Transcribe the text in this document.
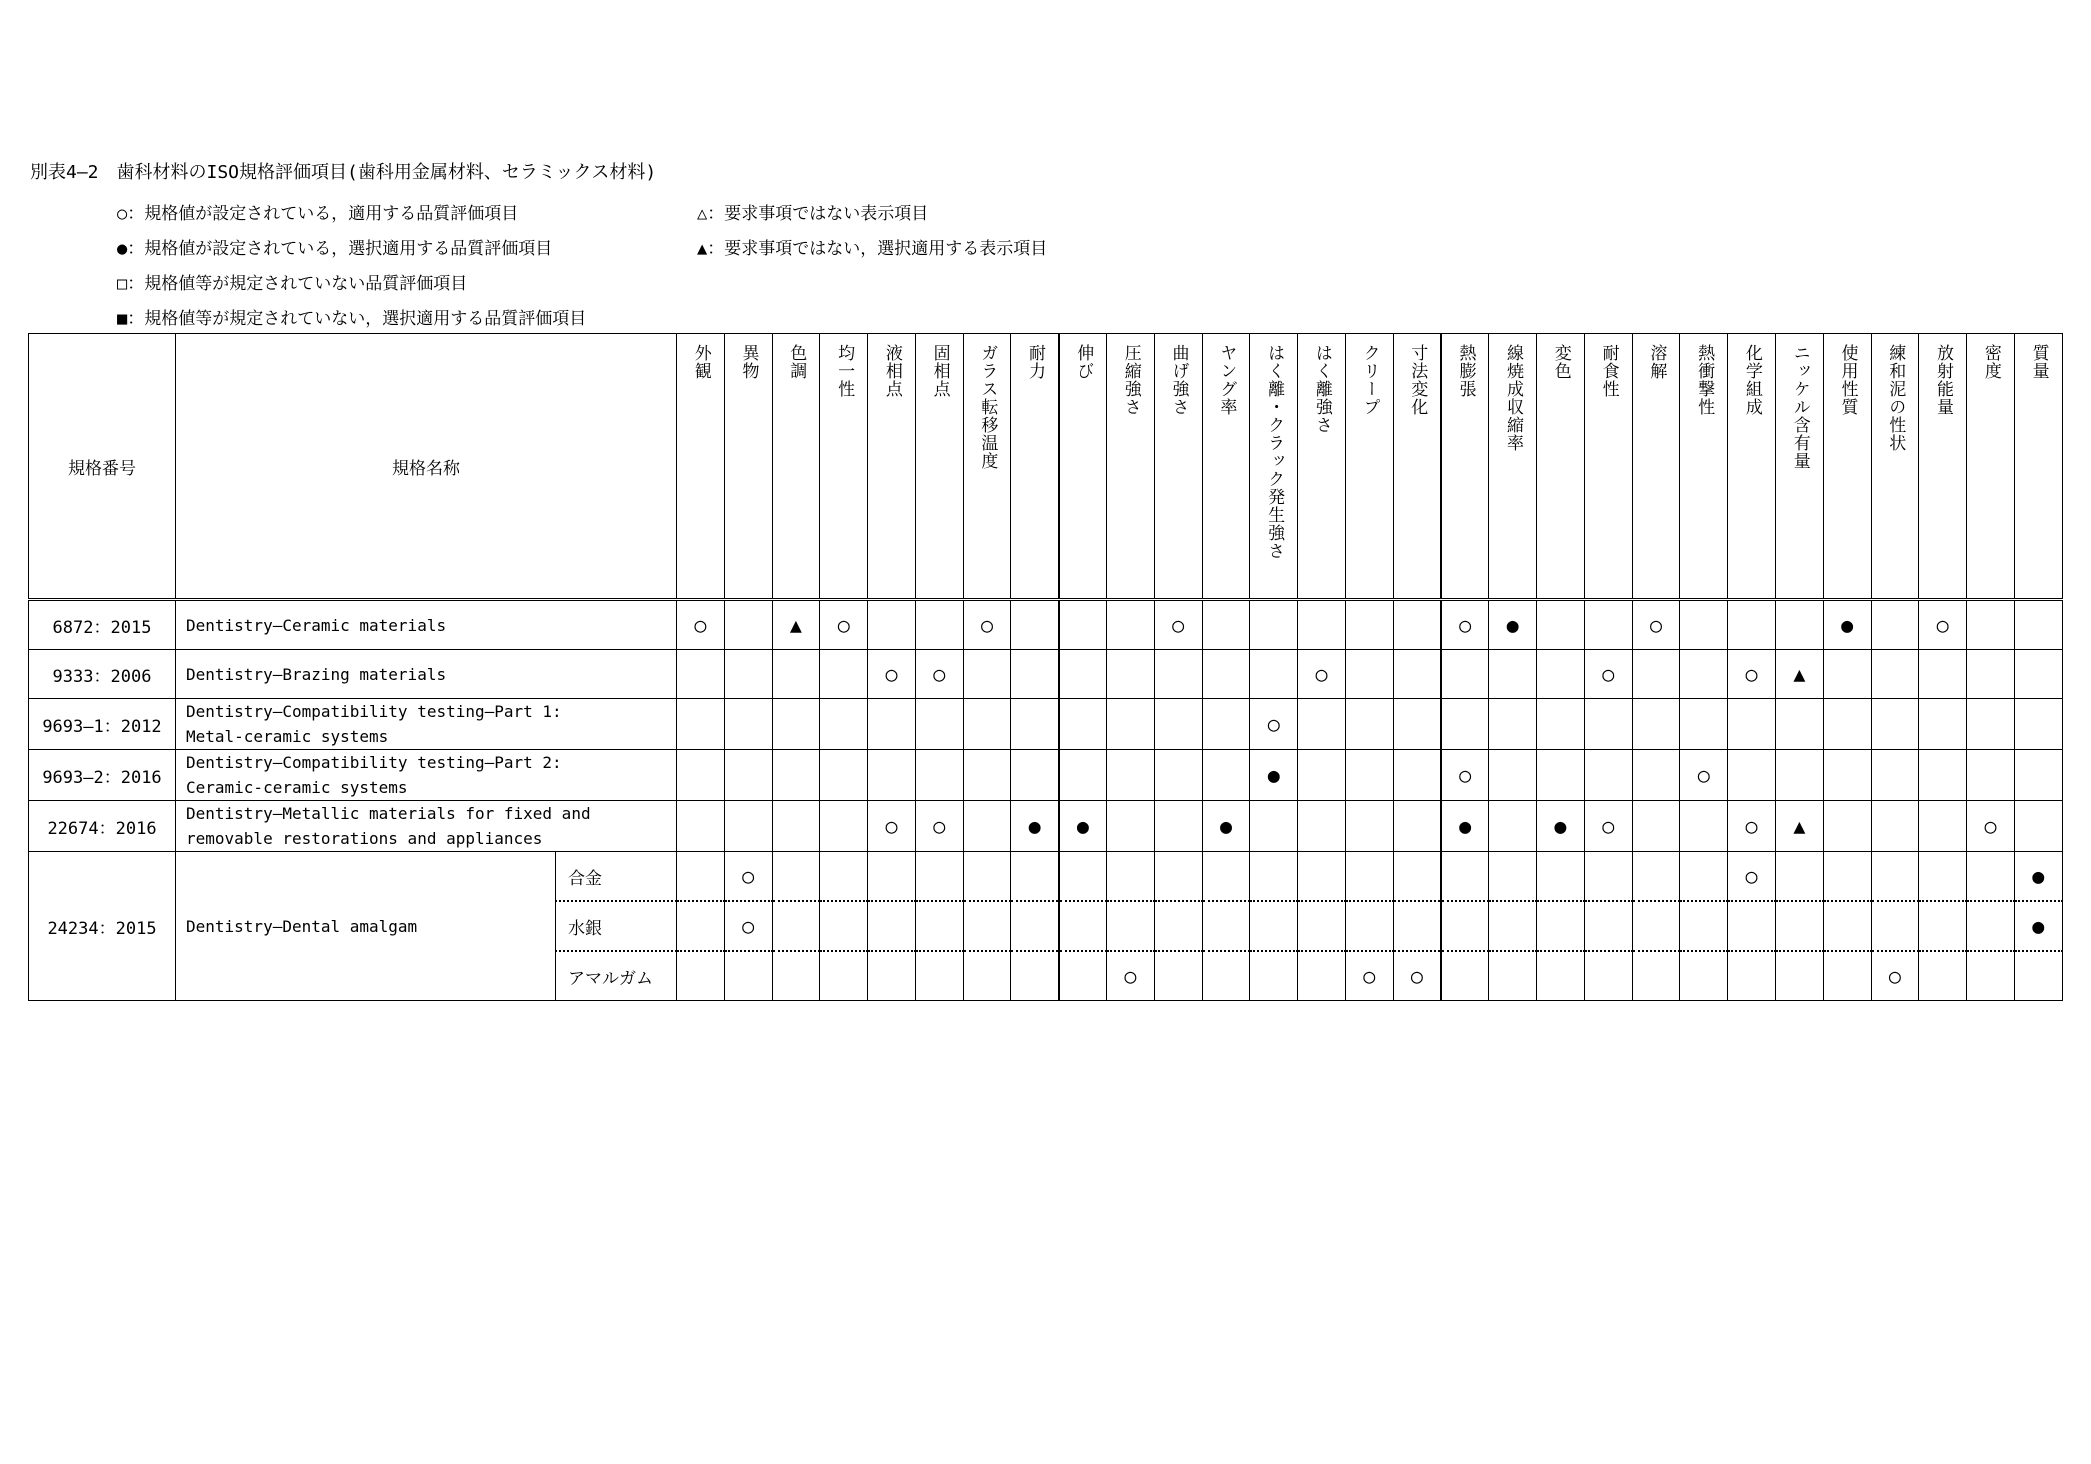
別表4―2　歯科材料のISO規格評価項目(歯科用金属材料、セラミックス材料)
○：規格値が設定されている，適用する品質評価項目
●：規格値が設定されている，選択適用する品質評価項目
□：規格値等が規定されていない品質評価項目
■：規格値等が規定されていない，選択適用する品質評価項目
△：要求事項ではない表示項目
▲：要求事項ではない，選択適用する表示項目
規格番号	規格名称		外観	異物	色調	均一性	液相点	固相点	ガラス転移温度	耐力	伸び	圧縮強さ	曲げ強さ	ヤング率	はく離・クラック発生強さ	はく離強さ	クリープ	寸法変化	熱膨張	線焼成収縮率	変色	耐食性	溶解	熱衝撃性	化学組成	ニッケル含有量	使用性質	練和泥の性状	放射能量	密度	質量
6872：2015	Dentistry―Ceramic materials		○		▲	○			○				○						○	●			○				●		○		
9333：2006	Dentistry―Brazing materials						○	○								○						○			○	▲					
9693―1：2012	Dentistry―Compatibility testing―Part 1:
Metal-ceramic systems														○																
9693―2：2016	Dentistry―Compatibility testing―Part 2:
Ceramic-ceramic systems														●				○					○							
22674：2016	Dentistry―Metallic materials for fixed and
removable restorations and appliances						○	○		●	●			●					●		●	○			○	▲				○	
24234：2015	Dentistry―Dental amalgam	合金		○																					○						●
		水銀		○																											●
		アマルガム										○					○	○										○			
